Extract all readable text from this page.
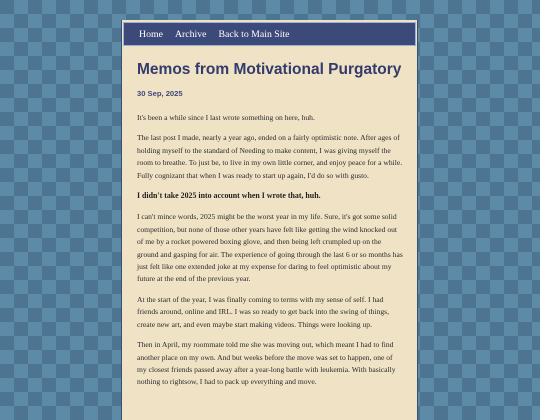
Home Archive Back to Main Site
Memos from Motivational Purgatory
30 Sep, 2025

It's been a while since I last wrote something on here, huh.

The last post I made, nearly a year ago, ended on a fairly optimistic note. After ages of holding myself to the standard of Needing to make content, I was giving myself the room to breathe. To just be, to live in my own little corner, and enjoy peace for a while. Fully cognizant that when I was ready to start up again, I'd do so with gusto.

I didn't take 2025 into account when I wrote that, huh.

I can't mince words, 2025 might be the worst year in my life. Sure, it's got some solid competition, but none of those other years have felt like getting the wind knocked out of me by a rocket powered boxing glove, and then being left crumpled up on the ground and gasping for air. The experience of going through the last 6 or so months has just felt like one extended joke at my expense for daring to feel optimistic about my future at the end of the previous year.

At the start of the year, I was finally coming to terms with my sense of self. I had friends around, online and IRL. I was so ready to get back into the swing of things, create new art, and even maybe start making videos. Things were looking up.

Then in April, my roommate told me she was moving out, which meant I had to find another place on my own. And but weeks before the move was set to happen, one of my closest friends passed away after a year-long battle with leukemia. With basically nothing to rightsow, I had to pack up everything and move.
